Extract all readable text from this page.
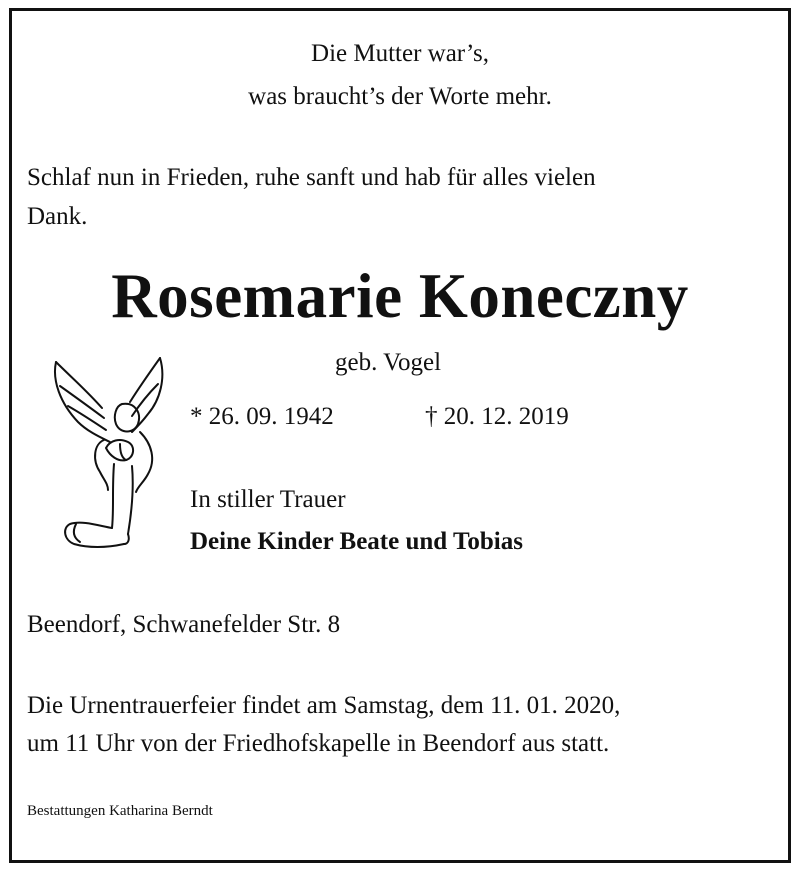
Die Mutter war’s,
was braucht’s der Worte mehr.
Schlaf nun in Frieden, ruhe sanft und hab für alles vielen
Dank.
Rosemarie Koneczny
geb. Vogel
* 26. 09. 1942	† 20. 12. 2019
In stiller Trauer
Deine Kinder Beate und Tobias
Beendorf, Schwanefelder Str. 8
Die Urnentrauerfeier findet am Samstag, dem 11. 01. 2020,
um 11 Uhr von der Friedhofskapelle in Beendorf aus statt.
Bestattungen Katharina Berndt
